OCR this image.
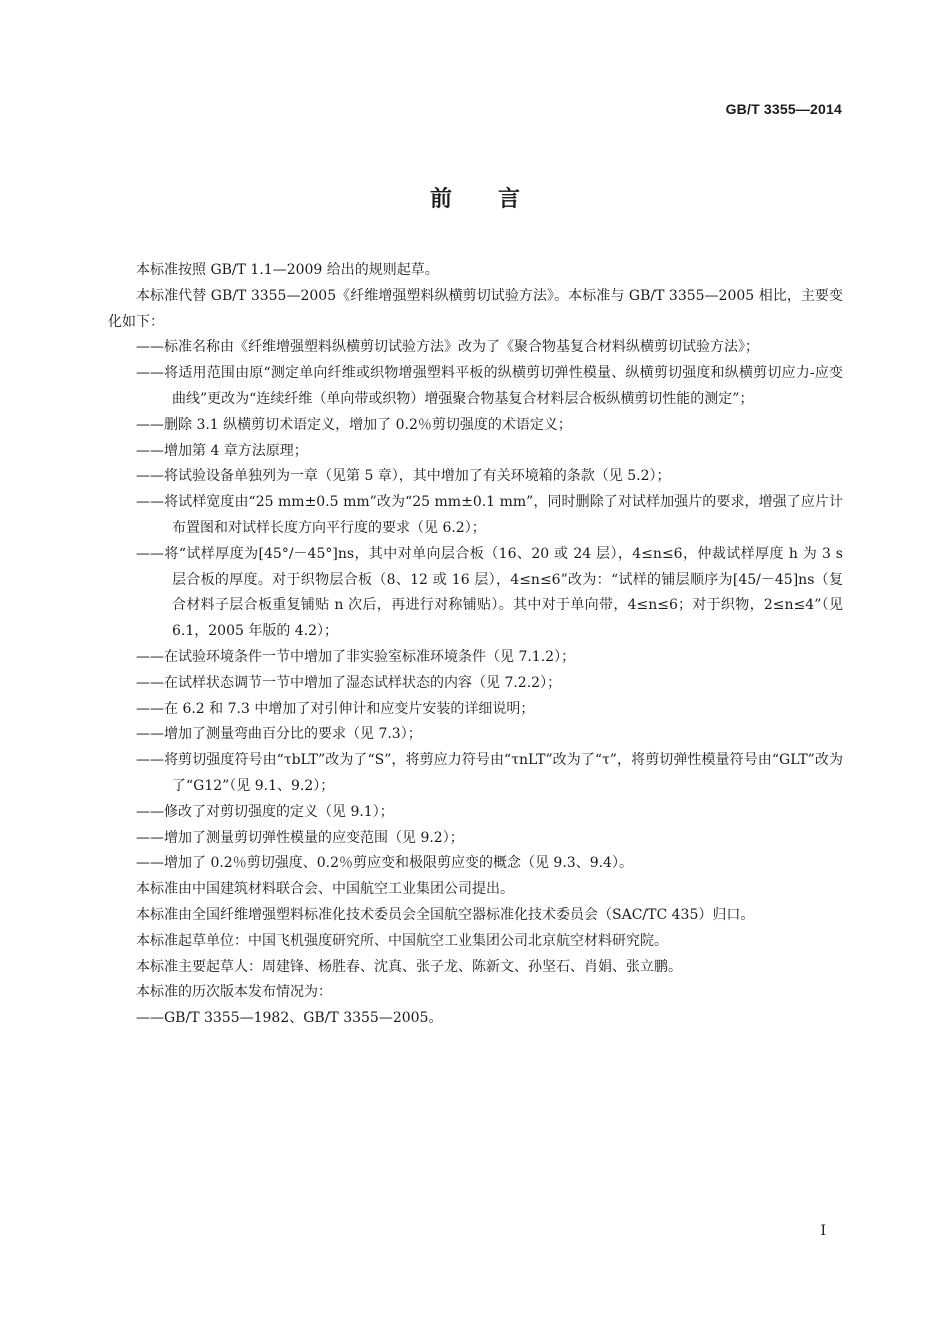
GB/T 3355—2014
前言
本标准按照 GB/T 1.1—2009 给出的规则起草。
本标准代替 GB/T 3355—2005《纤维增强塑料纵横剪切试验方法》。本标准与 GB/T 3355—2005 相比，主要变化如下：
——标准名称由《纤维增强塑料纵横剪切试验方法》改为了《聚合物基复合材料纵横剪切试验方法》；
——将适用范围由原“测定单向纤维或织物增强塑料平板的纵横剪切弹性模量、纵横剪切强度和纵横剪切应力-应变曲线”更改为“连续纤维（单向带或织物）增强聚合物基复合材料层合板纵横剪切性能的测定”；
——删除 3.1 纵横剪切术语定义，增加了 0.2％剪切强度的术语定义；
——增加第 4 章方法原理；
——将试验设备单独列为一章（见第 5 章），其中增加了有关环境箱的条款（见 5.2）；
——将试样宽度由“25 mm±0.5 mm”改为“25 mm±0.1 mm”，同时删除了对试样加强片的要求，增强了应片计布置图和对试样长度方向平行度的要求（见 6.2）；
——将“试样厚度为[45°/－45°]ns，其中对单向层合板（16、20 或 24 层），4≤n≤6，仲裁试样厚度 h 为 3 s 层合板的厚度。对于织物层合板（8、12 或 16 层），4≤n≤6”改为：“试样的铺层顺序为[45/－45]ns（复合材料子层合板重复铺贴 n 次后，再进行对称铺贴）。其中对于单向带，4≤n≤6；对于织物，2≤n≤4”（见 6.1，2005 年版的 4.2）；
——在试验环境条件一节中增加了非实验室标准环境条件（见 7.1.2）；
——在试样状态调节一节中增加了湿态试样状态的内容（见 7.2.2）；
——在 6.2 和 7.3 中增加了对引伸计和应变片安装的详细说明；
——增加了测量弯曲百分比的要求（见 7.3）；
——将剪切强度符号由“τbLT”改为了“S”，将剪应力符号由“τnLT”改为了“τ”，将剪切弹性模量符号由“GLT”改为了“G12”（见 9.1、9.2）；
——修改了对剪切强度的定义（见 9.1）；
——增加了测量剪切弹性模量的应变范围（见 9.2）；
——增加了 0.2％剪切强度、0.2％剪应变和极限剪应变的概念（见 9.3、9.4）。
本标准由中国建筑材料联合会、中国航空工业集团公司提出。
本标准由全国纤维增强塑料标准化技术委员会全国航空器标准化技术委员会（SAC/TC 435）归口。
本标准起草单位：中国飞机强度研究所、中国航空工业集团公司北京航空材料研究院。
本标准主要起草人：周建锋、杨胜春、沈真、张子龙、陈新文、孙坚石、肖娟、张立鹏。
本标准的历次版本发布情况为：
——GB/T 3355—1982、GB/T 3355—2005。
I
